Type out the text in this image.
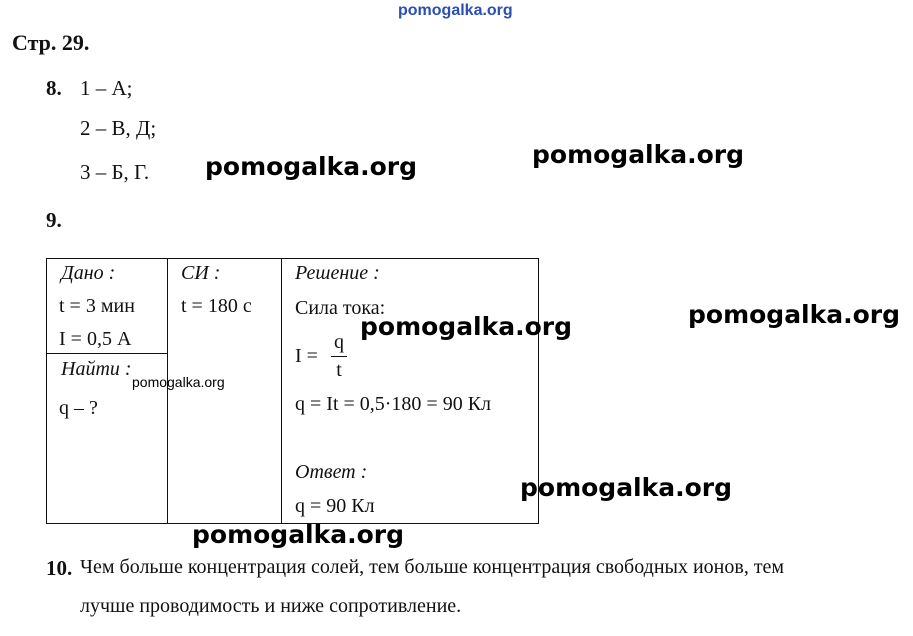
pomogalka.org
Стр. 29.
8. 1 – А;
2 – В, Д;
3 – Б, Г.
9.
Дано :
t = 3 мин
I = 0,5 А
Найти :
q – ?
СИ :
t = 180 с
Решение :
Сила тока:
I =
q
t
q = It = 0,5·180 = 90 Кл
Ответ :
q = 90 Кл
10. Чем больше концентрация солей, тем больше концентрация свободных ионов, тем
лучше проводимость и ниже сопротивление.
pomogalka.org	pomogalka.org
pomogalka.org	pomogalka.org
pomogalka.org
pomogalka.org
pomogalka.org
